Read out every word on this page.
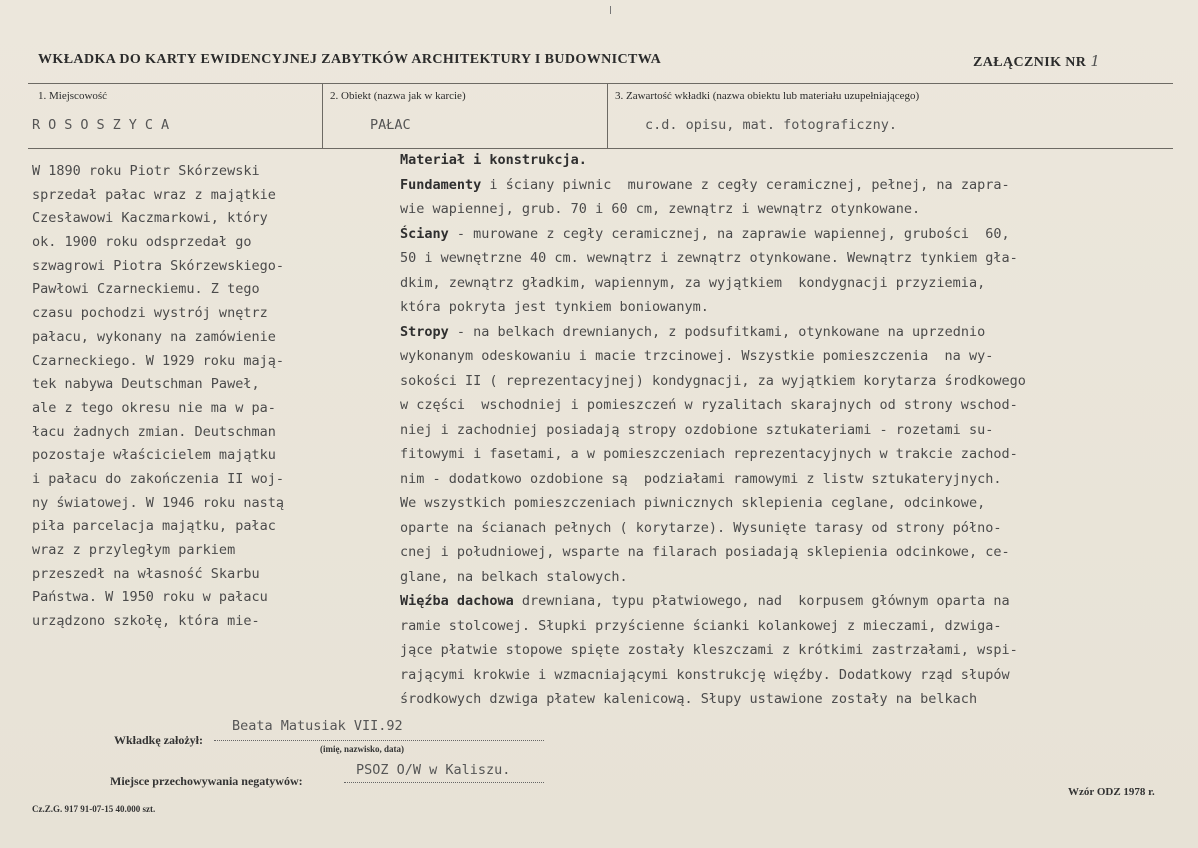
WKŁADKA DO KARTY EWIDENCYJNEJ ZABYTKÓW ARCHITEKTURY I BUDOWNICTWA	ZAŁĄCZNIK NR 1
1. Miejscowość	2. Obiekt (nazwa jak w karcie)	3. Zawartość wkładki (nazwa obiektu lub materiału uzupełniającego)
ROSOSZYCA	PAŁAC	c.d. opisu, mat. fotograficzny.
W 1890 roku Piotr Skórzewski
sprzedał pałac wraz z majątkie
Czesławowi Kaczmarkowi, który
ok. 1900 roku odsprzedał go
szwagrowi Piotra Skórzewskiego-
Pawłowi Czarneckiemu. Z tego
czasu pochodzi wystrój wnętrz
pałacu, wykonany na zamówienie
Czarneckiego. W 1929 roku mają-
tek nabywa Deutschman Paweł,
ale z tego okresu nie ma w pa-
łacu żadnych zmian. Deutschman
pozostaje właścicielem majątku
i pałacu do zakończenia II woj-
ny światowej. W 1946 roku nastą
piła parcelacja majątku, pałac
wraz z przyległym parkiem
przeszedł na własność Skarbu
Państwa. W 1950 roku w pałacu
urządzono szkołę, która mie-
Materiał i konstrukcja.
Fundamenty i ściany piwnic  murowane z cegły ceramicznej, pełnej, na zapra-
wie wapiennej, grub. 70 i 60 cm, zewnątrz i wewnątrz otynkowane.
Ściany - murowane z cegły ceramicznej, na zaprawie wapiennej, grubości  60,
50 i wewnętrzne 40 cm. wewnątrz i zewnątrz otynkowane. Wewnątrz tynkiem gła-
dkim, zewnątrz gładkim, wapiennym, za wyjątkiem  kondygnacji przyziemia,
która pokryta jest tynkiem boniowanym.
Stropy - na belkach drewnianych, z podsufitkami, otynkowane na uprzednio
wykonanym odeskowaniu i macie trzcinowej. Wszystkie pomieszczenia  na wy-
sokości II ( reprezentacyjnej) kondygnacji, za wyjątkiem korytarza środkowego
w części  wschodniej i pomieszczeń w ryzalitach skarajnych od strony wschod-
niej i zachodniej posiadają stropy ozdobione sztukateriami - rozetami su-
fitowymi i fasetami, a w pomieszczeniach reprezentacyjnych w trakcie zachod-
nim - dodatkowo ozdobione są  podziałami ramowymi z listw sztukateryjnych.
We wszystkich pomieszczeniach piwnicznych sklepienia ceglane, odcinkowe,
oparte na ścianach pełnych ( korytarze). Wysunięte tarasy od strony półno-
cnej i południowej, wsparte na filarach posiadają sklepienia odcinkowe, ce-
glane, na belkach stalowych.
Więźba dachowa drewniana, typu płatwiowego, nad  korpusem głównym oparta na
ramie stolcowej. Słupki przyścienne ścianki kolankowej z mieczami, dzwiga-
jące płatwie stopowe spięte zostały kleszczami z krótkimi zastrzałami, wspi-
rającymi krokwie i wzmacniającymi konstrukcję więźby. Dodatkowy rząd słupów
środkowych dzwiga płatew kalenicową. Słupy ustawione zostały na belkach
Wkładkę założył:
Beata Matusiak VII.92
(imię, nazwisko, data)
Miejsce przechowywania negatywów:
PSOZ O/W w Kaliszu.
Cz.Z.G. 917 91-07-15 40.000 szt.
Wzór ODZ 1978 r.
